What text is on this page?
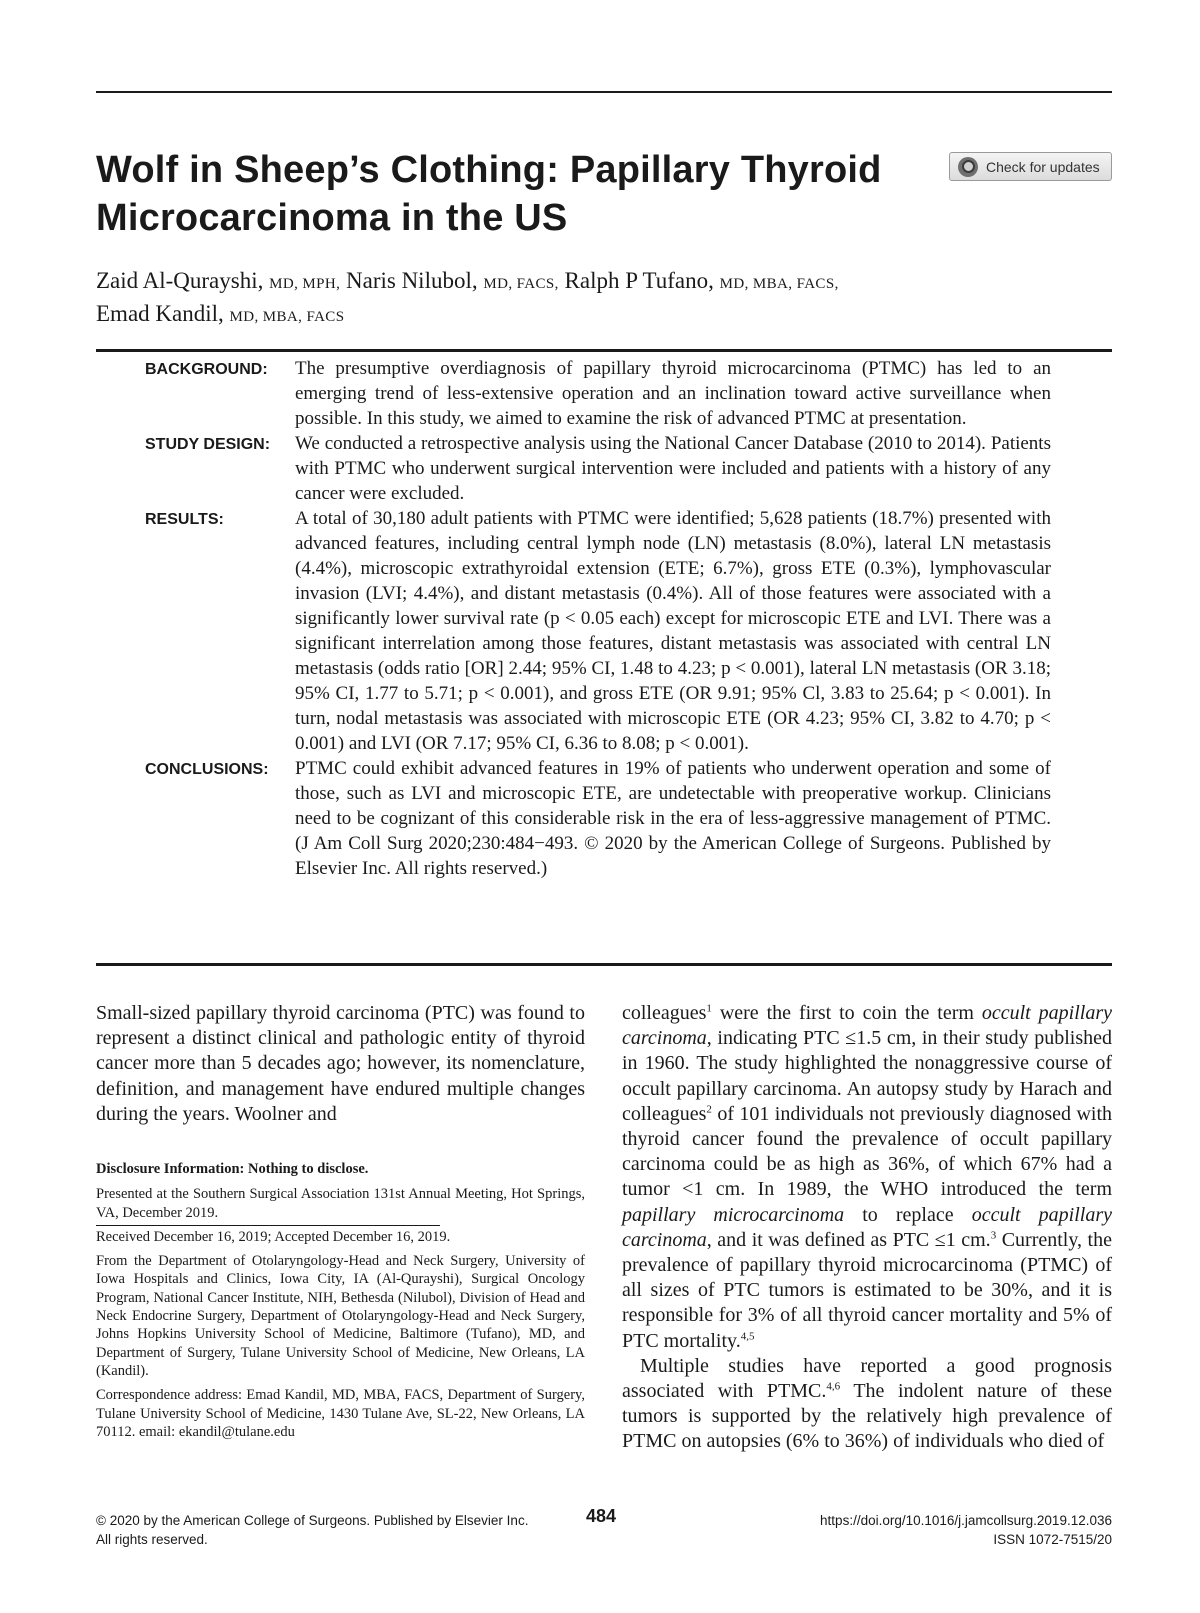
Wolf in Sheep’s Clothing: Papillary Thyroid Microcarcinoma in the US
Check for updates
Zaid Al-Qurayshi, MD, MPH, Naris Nilubol, MD, FACS, Ralph P Tufano, MD, MBA, FACS,
Emad Kandil, MD, MBA, FACS
BACKGROUND:	The presumptive overdiagnosis of papillary thyroid microcarcinoma (PTMC) has led to an emerging trend of less-extensive operation and an inclination toward active surveillance when possible. In this study, we aimed to examine the risk of advanced PTMC at presentation.
STUDY DESIGN:	We conducted a retrospective analysis using the National Cancer Database (2010 to 2014). Patients with PTMC who underwent surgical intervention were included and patients with a history of any cancer were excluded.
RESULTS:	A total of 30,180 adult patients with PTMC were identified; 5,628 patients (18.7%) presented with advanced features, including central lymph node (LN) metastasis (8.0%), lateral LN metastasis (4.4%), microscopic extrathyroidal extension (ETE; 6.7%), gross ETE (0.3%), lymphovascular invasion (LVI; 4.4%), and distant metastasis (0.4%). All of those features were associated with a significantly lower survival rate (p < 0.05 each) except for microscopic ETE and LVI. There was a significant interrelation among those features, distant metastasis was associated with central LN metastasis (odds ratio [OR] 2.44; 95% CI, 1.48 to 4.23; p < 0.001), lateral LN metastasis (OR 3.18; 95% CI, 1.77 to 5.71; p < 0.001), and gross ETE (OR 9.91; 95% Cl, 3.83 to 25.64; p < 0.001). In turn, nodal metastasis was associated with microscopic ETE (OR 4.23; 95% CI, 3.82 to 4.70; p < 0.001) and LVI (OR 7.17; 95% CI, 6.36 to 8.08; p < 0.001).
CONCLUSIONS:	PTMC could exhibit advanced features in 19% of patients who underwent operation and some of those, such as LVI and microscopic ETE, are undetectable with preoperative workup. Clinicians need to be cognizant of this considerable risk in the era of less-aggressive management of PTMC. (J Am Coll Surg 2020;230:484−493. © 2020 by the American College of Surgeons. Published by Elsevier Inc. All rights reserved.)
Small-sized papillary thyroid carcinoma (PTC) was found to represent a distinct clinical and pathologic entity of thyroid cancer more than 5 decades ago; however, its nomenclature, definition, and management have endured multiple changes during the years. Woolner and

colleagues$^1$ were the first to coin the term occult papillary carcinoma, indicating PTC ≤1.5 cm, in their study published in 1960. The study highlighted the nonaggressive course of occult papillary carcinoma. An autopsy study by Harach and colleagues$^2$ of 101 individuals not previously diagnosed with thyroid cancer found the prevalence of occult papillary carcinoma could be as high as 36%, of which 67% had a tumor <1 cm. In 1989, the WHO introduced the term papillary microcarcinoma to replace occult papillary carcinoma, and it was defined as PTC ≤1 cm.$^3$ Currently, the prevalence of papillary thyroid microcarcinoma (PTMC) of all sizes of PTC tumors is estimated to be 30%, and it is responsible for 3% of all thyroid cancer mortality and 5% of PTC mortality.$^{4,5}$

Multiple studies have reported a good prognosis associated with PTMC.$^{4,6}$ The indolent nature of these tumors is supported by the relatively high prevalence of PTMC on autopsies (6% to 36%) of individuals who died of

Disclosure Information: Nothing to disclose.

Presented at the Southern Surgical Association 131st Annual Meeting, Hot Springs, VA, December 2019.

Received December 16, 2019; Accepted December 16, 2019.

From the Department of Otolaryngology-Head and Neck Surgery, University of Iowa Hospitals and Clinics, Iowa City, IA (Al-Qurayshi), Surgical Oncology Program, National Cancer Institute, NIH, Bethesda (Nilubol), Division of Head and Neck Endocrine Surgery, Department of Otolaryngology-Head and Neck Surgery, Johns Hopkins University School of Medicine, Baltimore (Tufano), MD, and Department of Surgery, Tulane University School of Medicine, New Orleans, LA (Kandil).

Correspondence address: Emad Kandil, MD, MBA, FACS, Department of Surgery, Tulane University School of Medicine, 1430 Tulane Ave, SL-22, New Orleans, LA 70112. email: ekandil@tulane.edu

© 2020 by the American College of Surgeons. Published by Elsevier Inc.
All rights reserved.
484	https://doi.org/10.1016/j.jamcollsurg.2019.12.036
ISSN 1072-7515/20
